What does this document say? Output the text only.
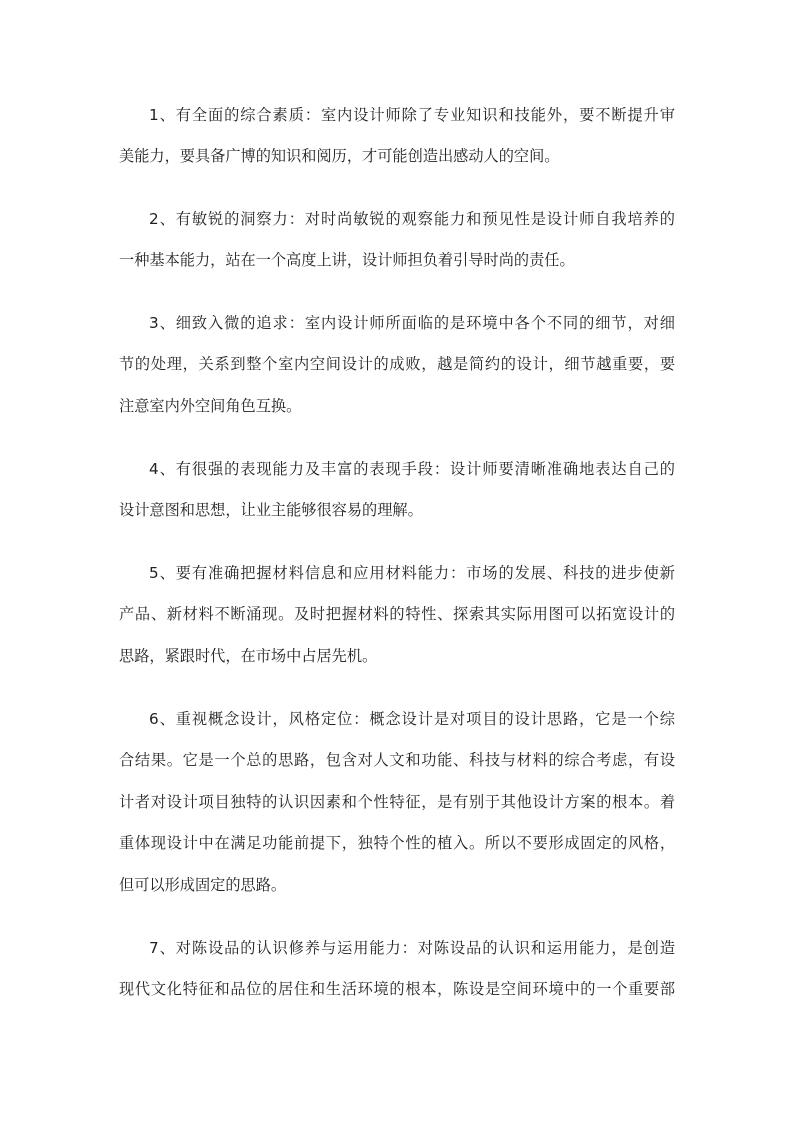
1、有全面的综合素质：室内设计师除了专业知识和技能外，要不断提升审
美能力，要具备广博的知识和阅历，才可能创造出感动人的空间。
2、有敏锐的洞察力：对时尚敏锐的观察能力和预见性是设计师自我培养的
一种基本能力，站在一个高度上讲，设计师担负着引导时尚的责任。
3、细致入微的追求：室内设计师所面临的是环境中各个不同的细节，对细
节的处理，关系到整个室内空间设计的成败，越是简约的设计，细节越重要，要
注意室内外空间角色互换。
4、有很强的表现能力及丰富的表现手段：设计师要清晰准确地表达自己的
设计意图和思想，让业主能够很容易的理解。
5、要有准确把握材料信息和应用材料能力：市场的发展、科技的进步使新
产品、新材料不断涌现。及时把握材料的特性、探索其实际用图可以拓宽设计的
思路，紧跟时代，在市场中占居先机。
6、重视概念设计，风格定位：概念设计是对项目的设计思路，它是一个综
合结果。它是一个总的思路，包含对人文和功能、科技与材料的综合考虑，有设
计者对设计项目独特的认识因素和个性特征，是有别于其他设计方案的根本。着
重体现设计中在满足功能前提下，独特个性的植入。所以不要形成固定的风格，
但可以形成固定的思路。
7、对陈设品的认识修养与运用能力：对陈设品的认识和运用能力，是创造
现代文化特征和品位的居住和生活环境的根本，陈设是空间环境中的一个重要部
